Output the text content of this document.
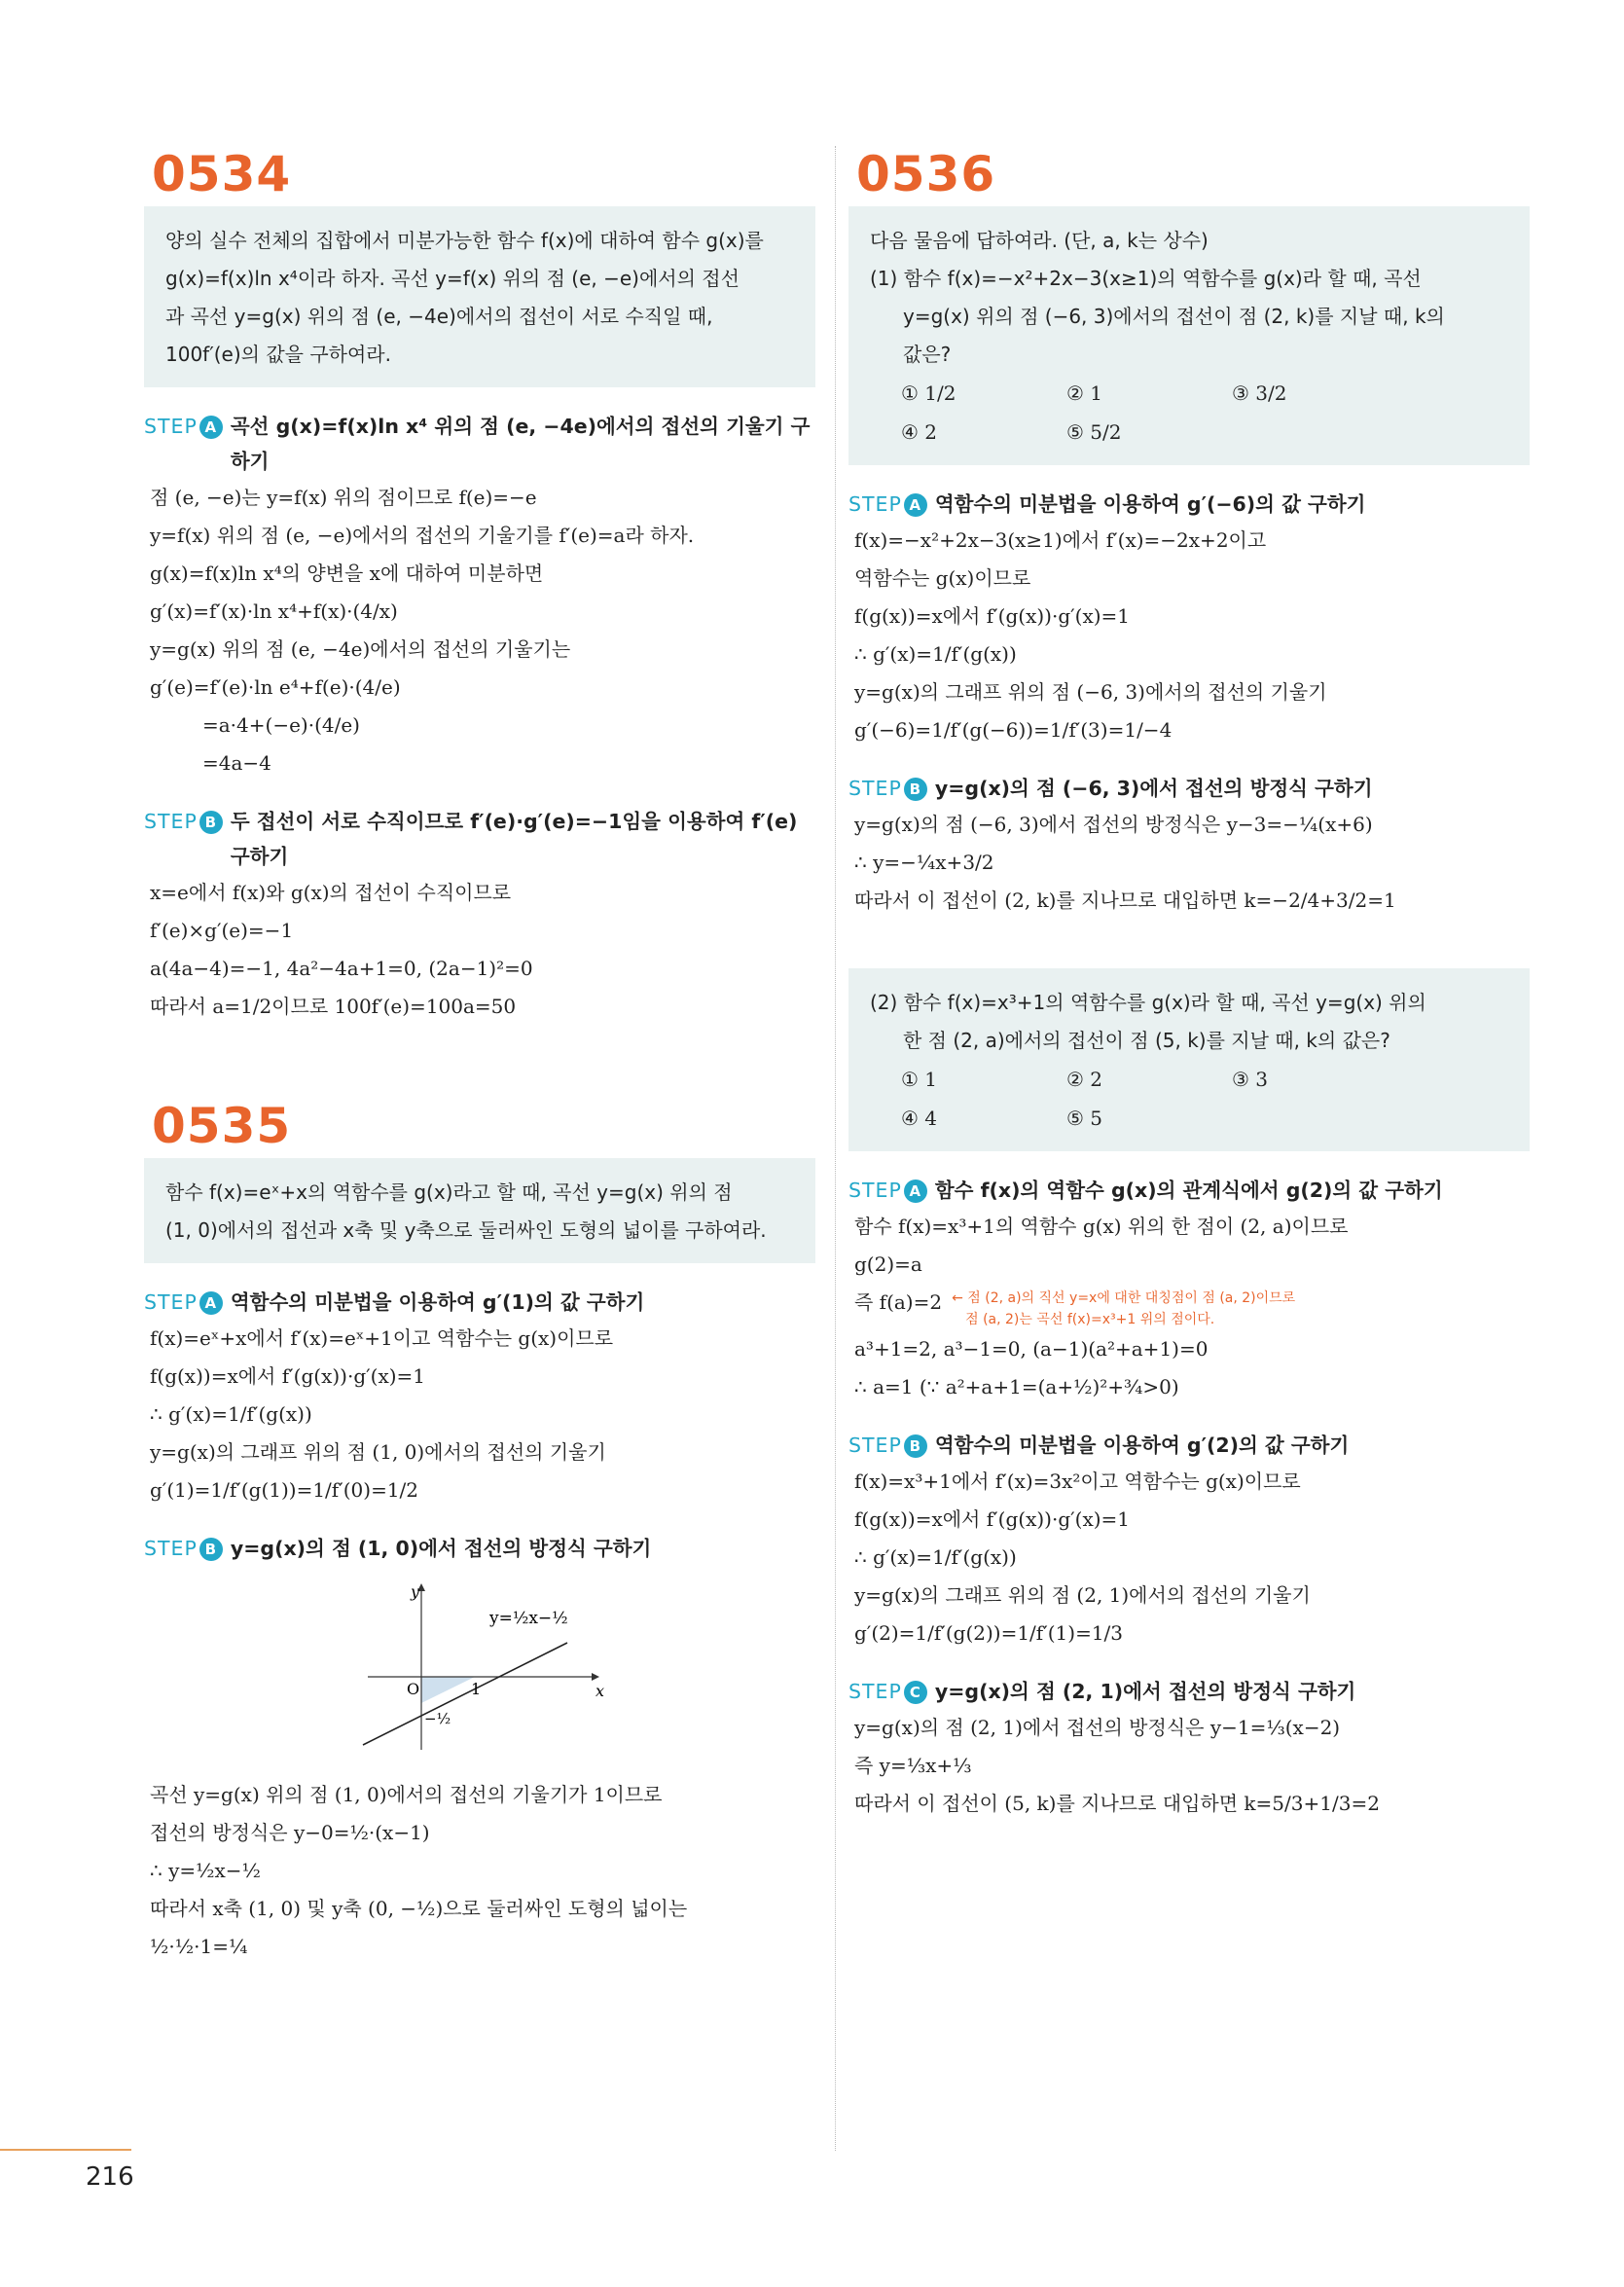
0534
양의 실수 전체의 집합에서 미분가능한 함수 f(x)에 대하여 함수 g(x)를
g(x)=f(x)ln x⁴이라 하자. 곡선 y=f(x) 위의 점 (e, −e)에서의 접선
과 곡선 y=g(x) 위의 점 (e, −4e)에서의 접선이 서로 수직일 때,
100f′(e)의 값을 구하여라.
STEP A 곡선 g(x)=f(x)ln x⁴ 위의 점 (e, −4e)에서의 접선의 기울기 구하기
점 (e, −e)는 y=f(x) 위의 점이므로 f(e)=−e
y=f(x) 위의 점 (e, −e)에서의 접선의 기울기를 f′(e)=a라 하자.
g(x)=f(x)ln x⁴의 양변을 x에 대하여 미분하면
g′(x)=f′(x)·ln x⁴+f(x)·(4/x)
y=g(x) 위의 점 (e, −4e)에서의 접선의 기울기는
g′(e)=f′(e)·ln e⁴+f(e)·(4/e)
=a·4+(−e)·(4/e)
=4a−4
STEP B 두 접선이 서로 수직이므로 f′(e)·g′(e)=−1임을 이용하여 f′(e) 구하기
x=e에서 f(x)와 g(x)의 접선이 수직이므로
f′(e)×g′(e)=−1
a(4a−4)=−1, 4a²−4a+1=0, (2a−1)²=0
따라서 a=1/2이므로 100f′(e)=100a=50
0535
함수 f(x)=eˣ+x의 역함수를 g(x)라고 할 때, 곡선 y=g(x) 위의 점
(1, 0)에서의 접선과 x축 및 y축으로 둘러싸인 도형의 넓이를 구하여라.
STEP A 역함수의 미분법을 이용하여 g′(1)의 값 구하기
f(x)=eˣ+x에서 f′(x)=eˣ+1이고 역함수는 g(x)이므로
f(g(x))=x에서 f′(g(x))·g′(x)=1
∴ g′(x)=1/f′(g(x))
y=g(x)의 그래프 위의 점 (1, 0)에서의 접선의 기울기
g′(1)=1/f′(g(1))=1/f′(0)=1/2
STEP B y=g(x)의 점 (1, 0)에서 접선의 방정식 구하기
y
x
O	1
−½
y=½x−½
곡선 y=g(x) 위의 점 (1, 0)에서의 접선의 기울기가 1이므로
접선의 방정식은 y−0=½·(x−1)
∴ y=½x−½
따라서 x축 (1, 0) 및 y축 (0, −½)으로 둘러싸인 도형의 넓이는
½·½·1=¼
0536
다음 물음에 답하여라. (단, a, k는 상수)
(1) 함수 f(x)=−x²+2x−3(x≥1)의 역함수를 g(x)라 할 때, 곡선
y=g(x) 위의 점 (−6, 3)에서의 접선이 점 (2, k)를 지날 때, k의
값은?
① 1/2	② 1	③ 3/2
④ 2	⑤ 5/2
STEP A 역함수의 미분법을 이용하여 g′(−6)의 값 구하기
f(x)=−x²+2x−3(x≥1)에서 f′(x)=−2x+2이고
역함수는 g(x)이므로
f(g(x))=x에서 f′(g(x))·g′(x)=1
∴ g′(x)=1/f′(g(x))
y=g(x)의 그래프 위의 점 (−6, 3)에서의 접선의 기울기
g′(−6)=1/f′(g(−6))=1/f′(3)=1/−4
STEP B y=g(x)의 점 (−6, 3)에서 접선의 방정식 구하기
y=g(x)의 점 (−6, 3)에서 접선의 방정식은 y−3=−¼(x+6)
∴ y=−¼x+3/2
따라서 이 접선이 (2, k)를 지나므로 대입하면 k=−2/4+3/2=1
(2) 함수 f(x)=x³+1의 역함수를 g(x)라 할 때, 곡선 y=g(x) 위의
한 점 (2, a)에서의 접선이 점 (5, k)를 지날 때, k의 값은?
① 1	② 2	③ 3
④ 4	⑤ 5
STEP A 함수 f(x)의 역함수 g(x)의 관계식에서 g(2)의 값 구하기
함수 f(x)=x³+1의 역함수 g(x) 위의 한 점이 (2, a)이므로
g(2)=a
즉 f(a)=2 ← 점 (2, a)의 직선 y=x에 대한 대칭점이 점 (a, 2)이므로
점 (a, 2)는 곡선 f(x)=x³+1 위의 점이다.
a³+1=2, a³−1=0, (a−1)(a²+a+1)=0
∴ a=1 (∵ a²+a+1=(a+½)²+¾>0)
STEP B 역함수의 미분법을 이용하여 g′(2)의 값 구하기
f(x)=x³+1에서 f′(x)=3x²이고 역함수는 g(x)이므로
f(g(x))=x에서 f′(g(x))·g′(x)=1
∴ g′(x)=1/f′(g(x))
y=g(x)의 그래프 위의 점 (2, 1)에서의 접선의 기울기
g′(2)=1/f′(g(2))=1/f′(1)=1/3
STEP C y=g(x)의 점 (2, 1)에서 접선의 방정식 구하기
y=g(x)의 점 (2, 1)에서 접선의 방정식은 y−1=⅓(x−2)
즉 y=⅓x+⅓
따라서 이 접선이 (5, k)를 지나므로 대입하면 k=5/3+1/3=2
216
